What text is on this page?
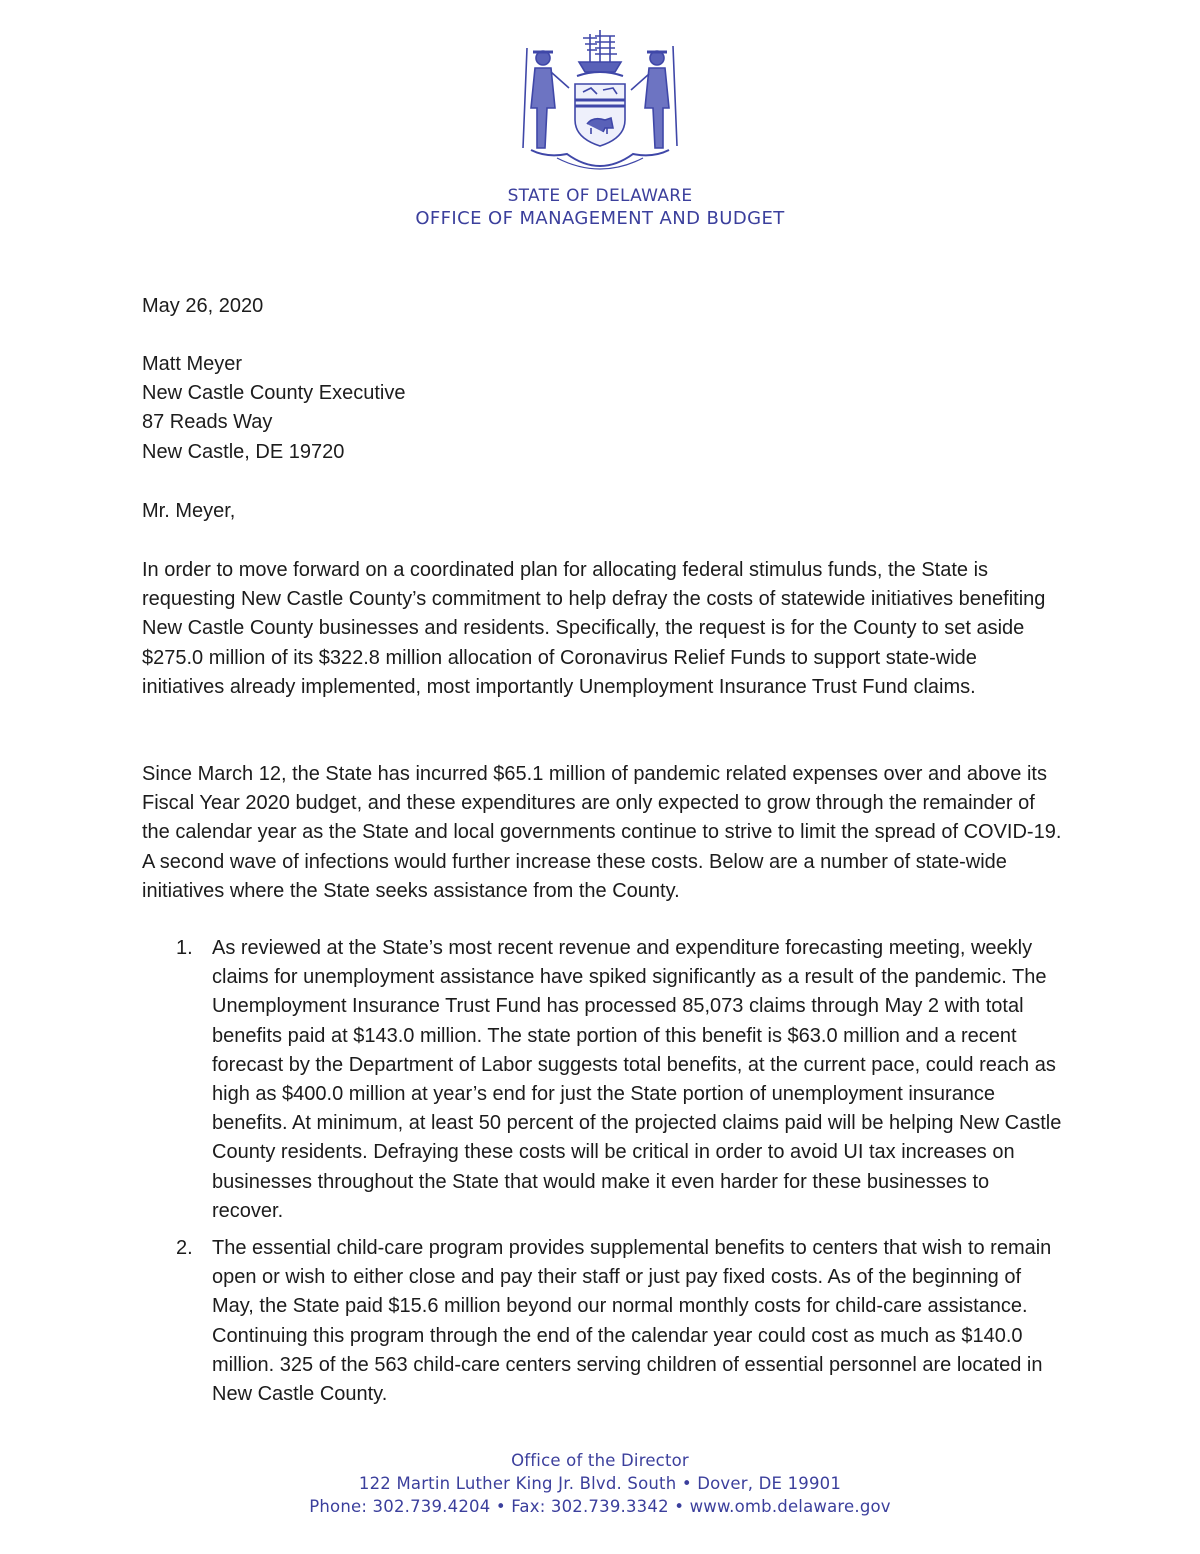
STATE OF DELAWARE
OFFICE OF MANAGEMENT AND BUDGET
May 26, 2020
Matt Meyer
New Castle County Executive
87 Reads Way
New Castle, DE 19720
Mr. Meyer,

In order to move forward on a coordinated plan for allocating federal stimulus funds, the State is requesting New Castle County’s commitment to help defray the costs of statewide initiatives benefiting New Castle County businesses and residents. Specifically, the request is for the County to set aside $275.0 million of its $322.8 million allocation of Coronavirus Relief Funds to support state-wide initiatives already implemented, most importantly Unemployment Insurance Trust Fund claims.

Since March 12, the State has incurred $65.1 million of pandemic related expenses over and above its Fiscal Year 2020 budget, and these expenditures are only expected to grow through the remainder of the calendar year as the State and local governments continue to strive to limit the spread of COVID-19. A second wave of infections would further increase these costs. Below are a number of state-wide initiatives where the State seeks assistance from the County.

1. As reviewed at the State’s most recent revenue and expenditure forecasting meeting, weekly claims for unemployment assistance have spiked significantly as a result of the pandemic. The Unemployment Insurance Trust Fund has processed 85,073 claims through May 2 with total benefits paid at $143.0 million. The state portion of this benefit is $63.0 million and a recent forecast by the Department of Labor suggests total benefits, at the current pace, could reach as high as $400.0 million at year’s end for just the State portion of unemployment insurance benefits. At minimum, at least 50 percent of the projected claims paid will be helping New Castle County residents. Defraying these costs will be critical in order to avoid UI tax increases on businesses throughout the State that would make it even harder for these businesses to recover.
2. The essential child-care program provides supplemental benefits to centers that wish to remain open or wish to either close and pay their staff or just pay fixed costs. As of the beginning of May, the State paid $15.6 million beyond our normal monthly costs for child-care assistance. Continuing this program through the end of the calendar year could cost as much as $140.0 million. 325 of the 563 child-care centers serving children of essential personnel are located in New Castle County.
Office of the Director
122 Martin Luther King Jr. Blvd. South • Dover, DE 19901
Phone: 302.739.4204 • Fax: 302.739.3342 • www.omb.delaware.gov
